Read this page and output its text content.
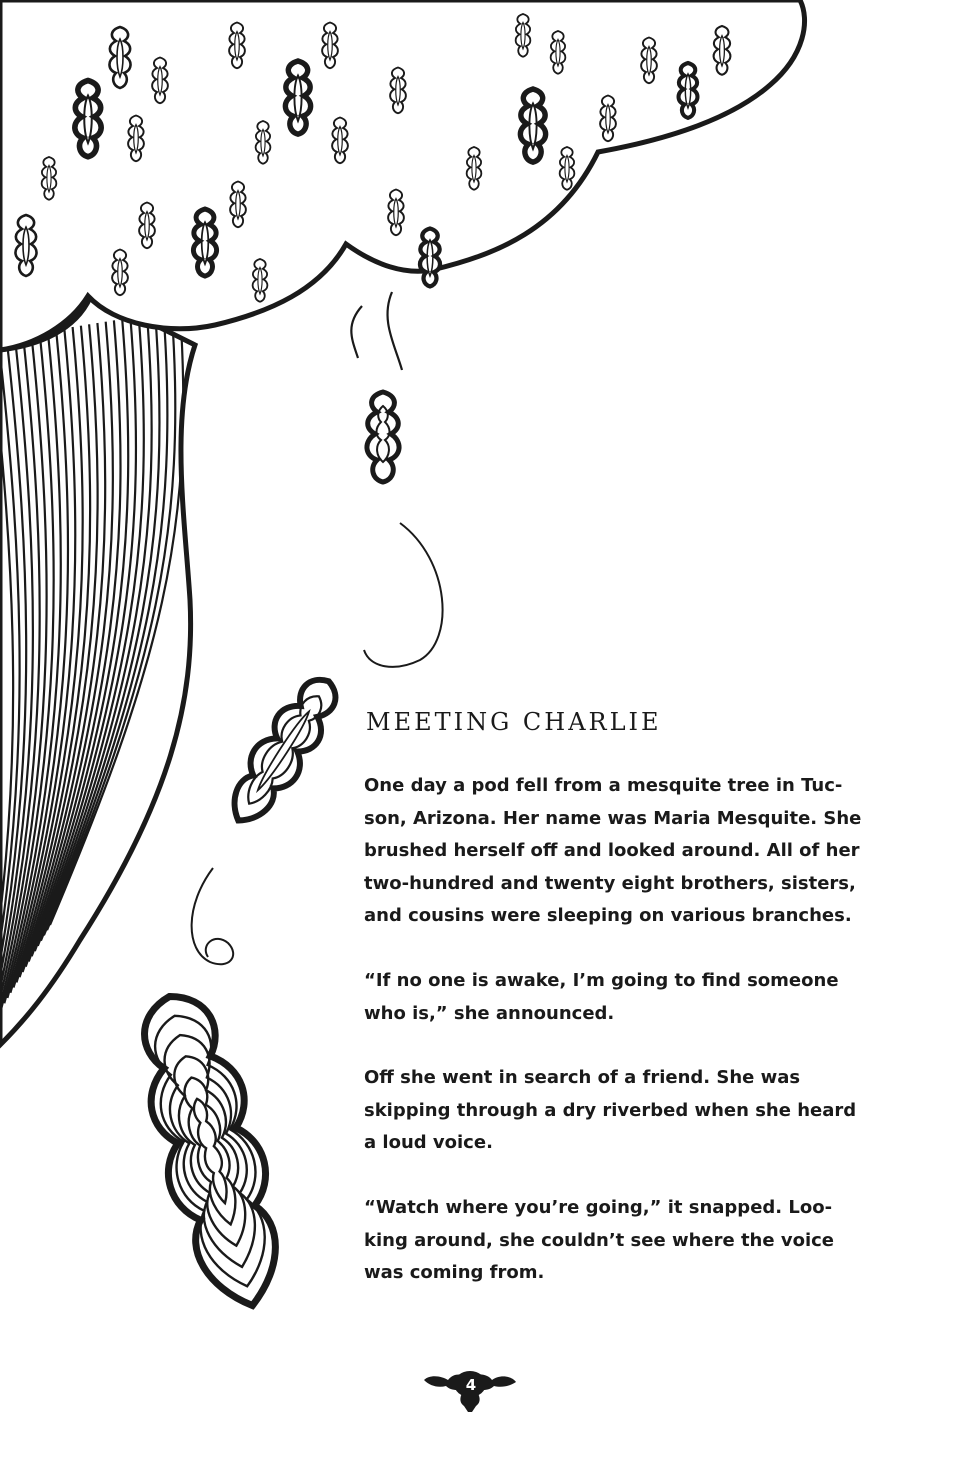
MEETING CHARLIE

One day a pod fell from a mesquite tree in Tuc-son, Arizona. Her name was Maria Mesquite. She brushed herself off and looked around. All of her two-hundred and twenty eight brothers, sisters, and cousins were sleeping on various branches.

“If no one is awake, I’m going to find someone who is,” she announced.

Off she went in search of a friend. She was skipping through a dry riverbed when she heard a loud voice.

“Watch where you’re going,” it snapped. Loo-king around, she couldn’t see where the voice was coming from.

4
